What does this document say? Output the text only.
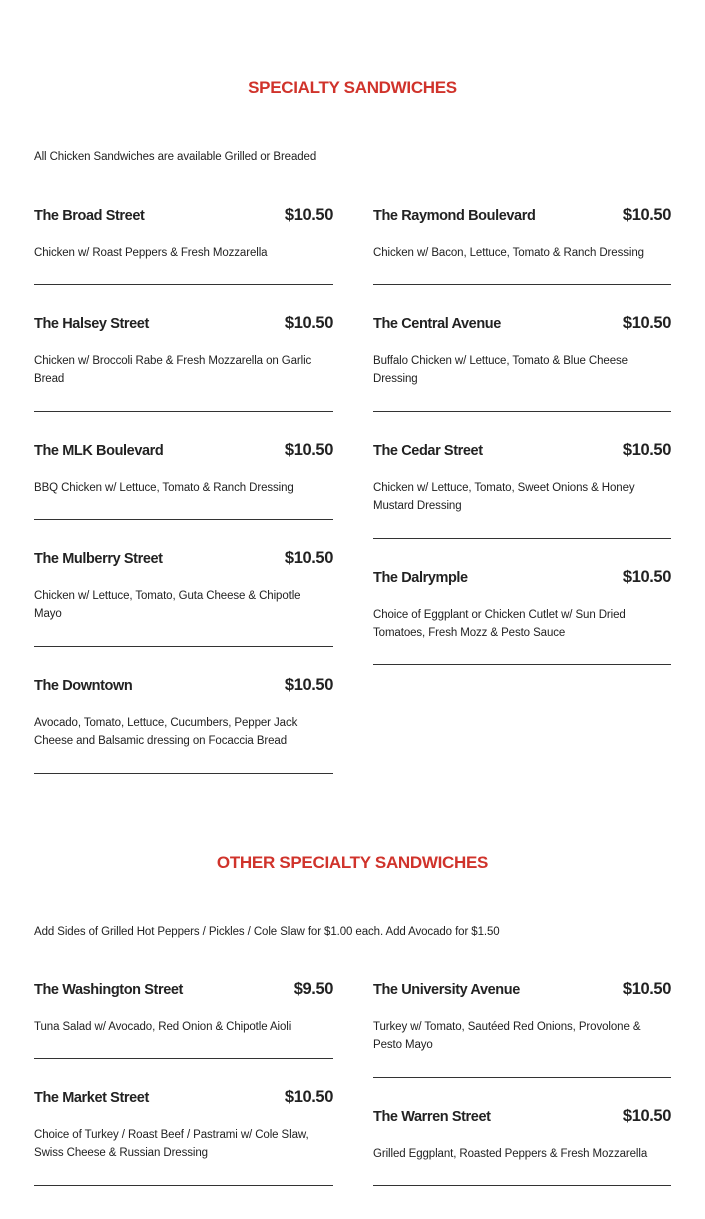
SPECIALTY SANDWICHES

All Chicken Sandwiches are available Grilled or Breaded

The Broad Street	$10.50
Chicken w/ Roast Peppers & Fresh Mozzarella
The Halsey Street	$10.50
Chicken w/ Broccoli Rabe & Fresh Mozzarella on Garlic Bread
The MLK Boulevard	$10.50
BBQ Chicken w/ Lettuce, Tomato & Ranch Dressing
The Mulberry Street	$10.50
Chicken w/ Lettuce, Tomato, Guta Cheese & Chipotle Mayo
The Downtown	$10.50
Avocado, Tomato, Lettuce, Cucumbers, Pepper Jack Cheese and Balsamic dressing on Focaccia Bread
The Raymond Boulevard	$10.50
Chicken w/ Bacon, Lettuce, Tomato & Ranch Dressing
The Central Avenue	$10.50
Buffalo Chicken w/ Lettuce, Tomato & Blue Cheese Dressing
The Cedar Street	$10.50
Chicken w/ Lettuce, Tomato, Sweet Onions & Honey Mustard Dressing
The Dalrymple	$10.50
Choice of Eggplant or Chicken Cutlet w/ Sun Dried Tomatoes, Fresh Mozz & Pesto Sauce
OTHER SPECIALTY SANDWICHES

Add Sides of Grilled Hot Peppers / Pickles / Cole Slaw for $1.00 each. Add Avocado for $1.50

The Washington Street	$9.50
Tuna Salad w/ Avocado, Red Onion & Chipotle Aioli
The University Avenue	$10.50
Turkey w/ Tomato, Sautéed Red Onions, Provolone & Pesto Mayo
The Market Street	$10.50
Choice of Turkey / Roast Beef / Pastrami w/ Cole Slaw, Swiss Cheese & Russian Dressing
The Warren Street	$10.50
Grilled Eggplant, Roasted Peppers & Fresh Mozzarella
